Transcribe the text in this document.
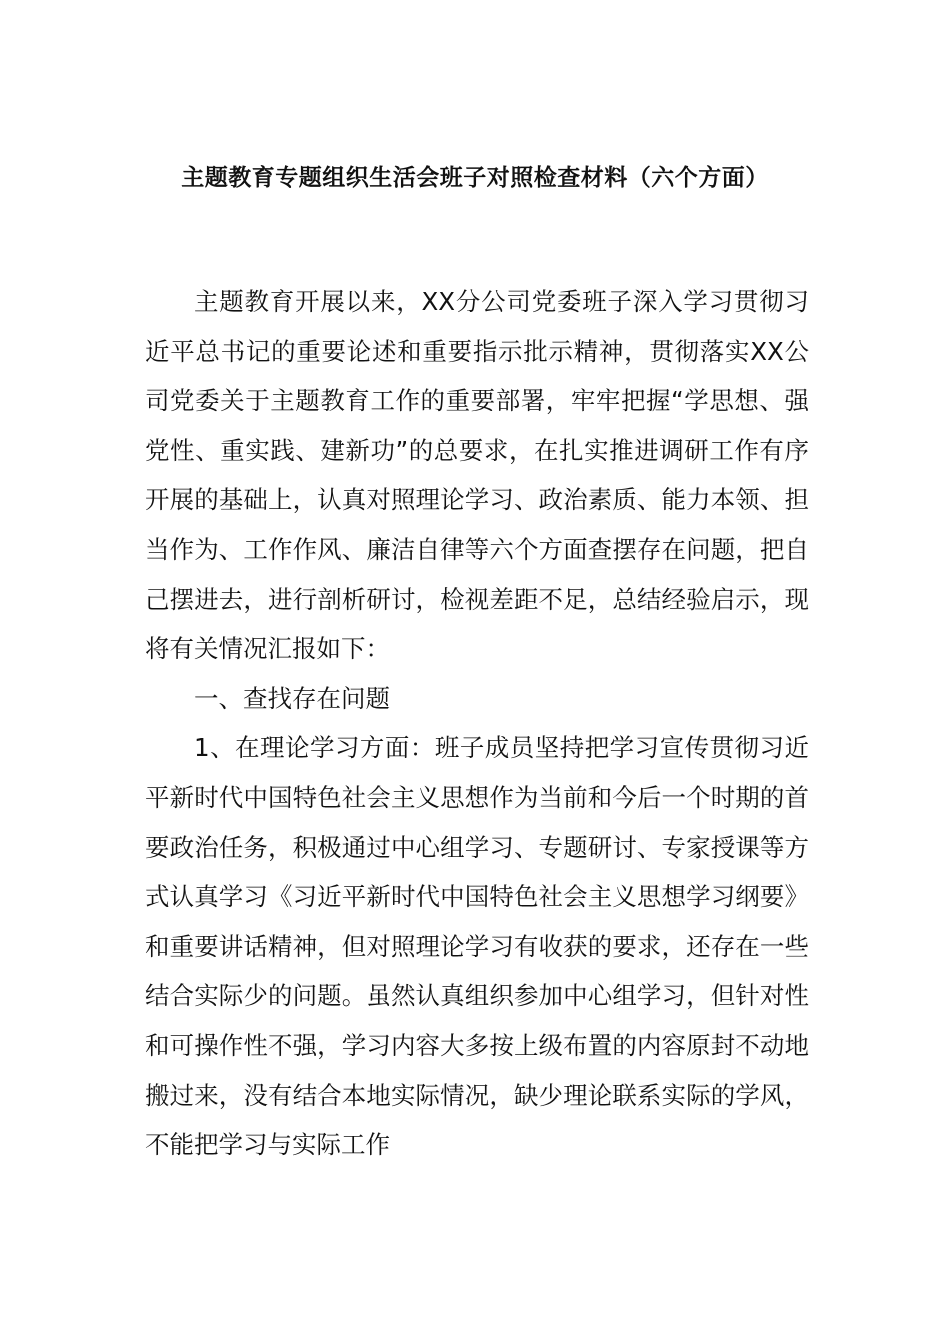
主题教育专题组织生活会班子对照检查材料（六个方面）

主题教育开展以来，XX分公司党委班子深入学习贯彻习近平总书记的重要论述和重要指示批示精神，贯彻落实XX公司党委关于主题教育工作的重要部署，牢牢把握“学思想、强党性、重实践、建新功”的总要求，在扎实推进调研工作有序开展的基础上，认真对照理论学习、政治素质、能力本领、担当作为、工作作风、廉洁自律等六个方面查摆存在问题，把自己摆进去，进行剖析研讨，检视差距不足，总结经验启示，现将有关情况汇报如下：

一、查找存在问题

1、在理论学习方面：班子成员坚持把学习宣传贯彻习近平新时代中国特色社会主义思想作为当前和今后一个时期的首要政治任务，积极通过中心组学习、专题研讨、专家授课等方式认真学习《习近平新时代中国特色社会主义思想学习纲要》和重要讲话精神，但对照理论学习有收获的要求，还存在一些结合实际少的问题。虽然认真组织参加中心组学习，但针对性和可操作性不强，学习内容大多按上级布置的内容原封不动地搬过来，没有结合本地实际情况，缺少理论联系实际的学风，不能把学习与实际工作
